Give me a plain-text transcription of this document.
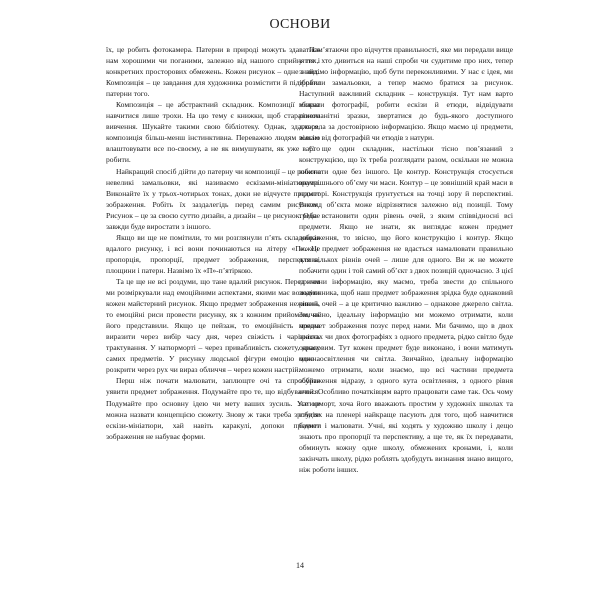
ОСНОВИ

їх, це робить фотокамера. Патерни в природі можуть здаватися нам хорошими чи поганими, залежно від нашого сприйняття і конкретних просторових обмежень. Кожен рисунок – одне з них. Композиція – це завдання для художника розмістити й підібрати патерни того.

Композиція – це абстрактний складник. Композиції можна навчитися лише трохи. На цю тему є книжки, щоб старанного вивчення. Шукайте такими свою бібліотеку. Однак, здається, композиція більш-менш інстинктивна. Переважно людям вільно влаштовувати все по-своєму, а не як вимушувати, як уже варто робити.

Найкращий спосіб дійти до патерну чи композиції – це робити невеликі замальовки, які називаємо ескізами-мініатюрами. Виконайте їх у трьох-чотирьох тонах, доки не відчуєте предмет зображення. Робіть їх заздалегідь перед самим рисунком. Рисунок – це за своєю суттю дизайн, а дизайн – це рисунок. Одне завжди буде виростати з іншого.

Якщо ви ще не помітили, то ми розглянули п’ять складників вдалого рисунку, і всі вони починаються на літеру «П». Це пропорція, пропорції, предмет зображення, перспектива, площини і патерн. Назвімо їх «П»-п’ятіркою.

Та це ще не всі роздуми, що тане вдалий рисунок. Перед ним ми розміркували над емоційними аспектами, якими має володіти кожен майстерний рисунок. Якщо предмет зображення неживий, то емоційні риси провести рисунку, як з кожним прийомом, як його представили. Якщо це пейзаж, то емоційність можна виразити через вибір часу дня, через свіжість і чарівність трактування. У натюрморті – через привабливість сюжету, красу самих предметів. У рисунку людської фігури емоцію можна розкрити через рух чи вираз обличчя – через кожен настрій.

Перш ніж почати малювати, заплющте очі та спробуйте уявити предмет зображення. Подумайте про те, що відбувається. Подумайте про основну ідею чи мету ваших зусиль. Усе це можна назвати концепцією сюжету. Знову ж таки треба зробити ескізи-мініатюри, хай навіть каракулі, допоки предмет зображення не набуває форми.

Пам’ятаючи про відчуття правильності, яке ми передали вище у тих, хто дивиться на наші спроби чи судитиме про них, тепер знайдімо інформацію, щоб бути переконливими. У нас є ідея, ми зробили замальовки, а тепер маємо братися за рисунок. Наступний важливий складник – конструкція. Тут нам варто збирати фотографії, робити ескізи й етюди, відвідувати різноманітні зразки, звертатися до будь-якого доступного джерела за достовірною інформацією. Якщо маємо ці предмети, зовсім від фотографій чи етюдів з натури.

Є ще один складник, настільки тісно пов’язаний з конструкцією, що їх треба розглядати разом, оскільки не можна виконати одне без іншого. Це контур. Конструкція стосується внутрішнього об’єму чи маси. Контур – це зовнішній край маси в просторі. Конструкція ґрунтується на точці зору й перспективі. Вигляд об’єкта може відрізнятися залежно від позиції. Тому треба встановити один рівень очей, з яким співвідносні всі предмети. Якщо не знати, як виглядає кожен предмет зображення, то звісно, що його конструкцію і контур. Якщо кожен предмет зображення не вдасться намалювати правильно для кількох рівнів очей – лише для одного. Ви ж не можете побачити один і той самий об’єкт з двох позицій одночасно. З цієї причини інформацію, яку маємо, треба звести до спільного знаменника, щоб наш предмет зображення зрідка буде однаковий рівень очей – а це критично важливо – однакове джерело світла. Звичайно, ідеальну інформацію ми можемо отримати, коли предмет зображення позує перед нами. Ми бачимо, що в двох зразках чи двох фотографіях з одного предмета, рідко світло буде однаковим. Тут кожен предмет буде виконано, і вони матимуть одне освітлення чи світла. Звичайно, ідеальну інформацію можемо отримати, коли знаємо, що всі частини предмета зображення відразу, з одного кута освітлення, з одного рівня очей. Особливо початківцям варто працювати саме так. Ось чому натюрморт, хоча його вважають простим у художніх школах та студіях на пленері найкраще пасують для того, щоб навчитися бачити і малювати. Учні, які ходять у художню школу і дещо знають про пропорції та перспективу, а ще те, як їх передавати, обминуть кожну одне школу, обмежених кронами, і, коли закінчать школу, рідко роблять здобудуть визнання знано вищого, ніж роботи інших.

14
